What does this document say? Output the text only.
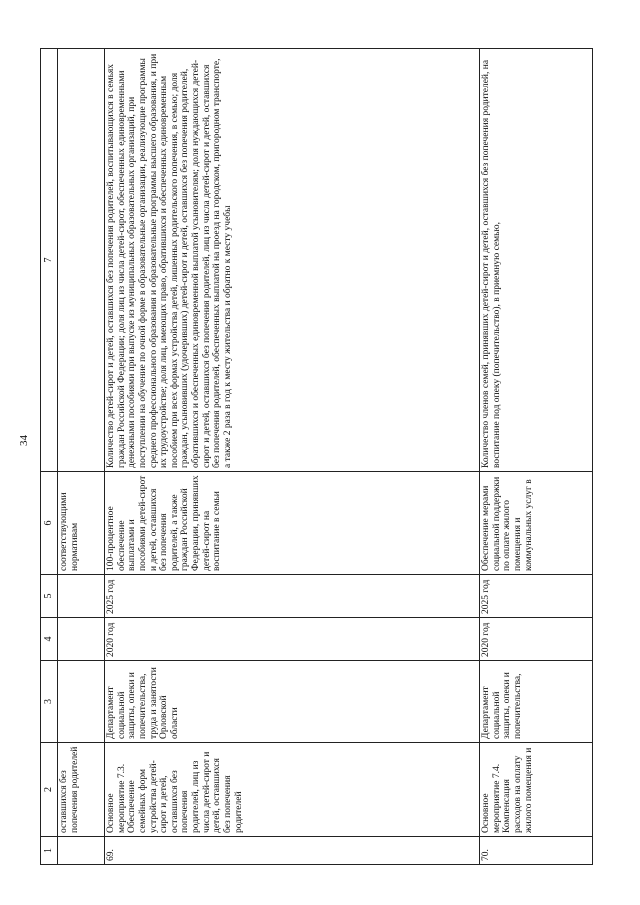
34
1	2	3	4	5	6	7
	оставшихся без попечения родителей				соответствующими нормативам	
69.	Основное мероприятие 7.3. Обеспечение семейных форм устройства детей-сирот и детей, оставшихся без попечения родителей, лиц из числа детей-сирот и детей, оставшихся без попечения родителей	Департамент социальной защиты, опеки и попечительства, труда и занятости Орловской области	2020 год	2025 год	100-процентное обеспечение выплатами и пособиями детей-сирот и детей, оставшихся без попечения родителей, а также граждан Российской Федерации, принявших детей-сирот на воспитание в семьи	Количество детей-сирот и детей, оставшихся без попечения родителей, воспитывающихся в семьях граждан Российской Федерации; доля лиц из числа детей-сирот, обеспеченных единовременными денежными пособиями при выпуске из муниципальных образовательных организаций, при поступлении на обучение по очной форме в образовательные организации, реализующие программы среднего профессионального образования и образовательные программы высшего образования, и при их трудоустройстве; доля лиц, имеющих право, обратившихся и обеспеченных единовременным пособием при всех формах устройства детей, лишенных родительского попечения, в семью; доля граждан, усыновивших (удочеривших) детей-сирот и детей, оставшихся без попечения родителей, обратившихся и обеспеченных единовременной выплатой усыновителям; доля нуждающихся детей-сирот и детей, оставшихся без попечения родителей, лиц из числа детей-сирот и детей, оставшихся без попечения родителей, обеспеченных выплатой на проезд на городском, пригородном транспорте, а также 2 раза в год к месту жительства и обратно к месту учебы
70.	Основное мероприятие 7.4. Компенсация расходов на оплату жилого помещения и	Департамент социальной защиты, опеки и попечительства,	2020 год	2025 год	Обеспечение мерами социальной поддержки по оплате жилого помещения и коммунальных услуг в	Количество членов семей, принявших детей-сирот и детей, оставшихся без попечения родителей, на воспитание под опеку (попечительство), в приемную семью,
